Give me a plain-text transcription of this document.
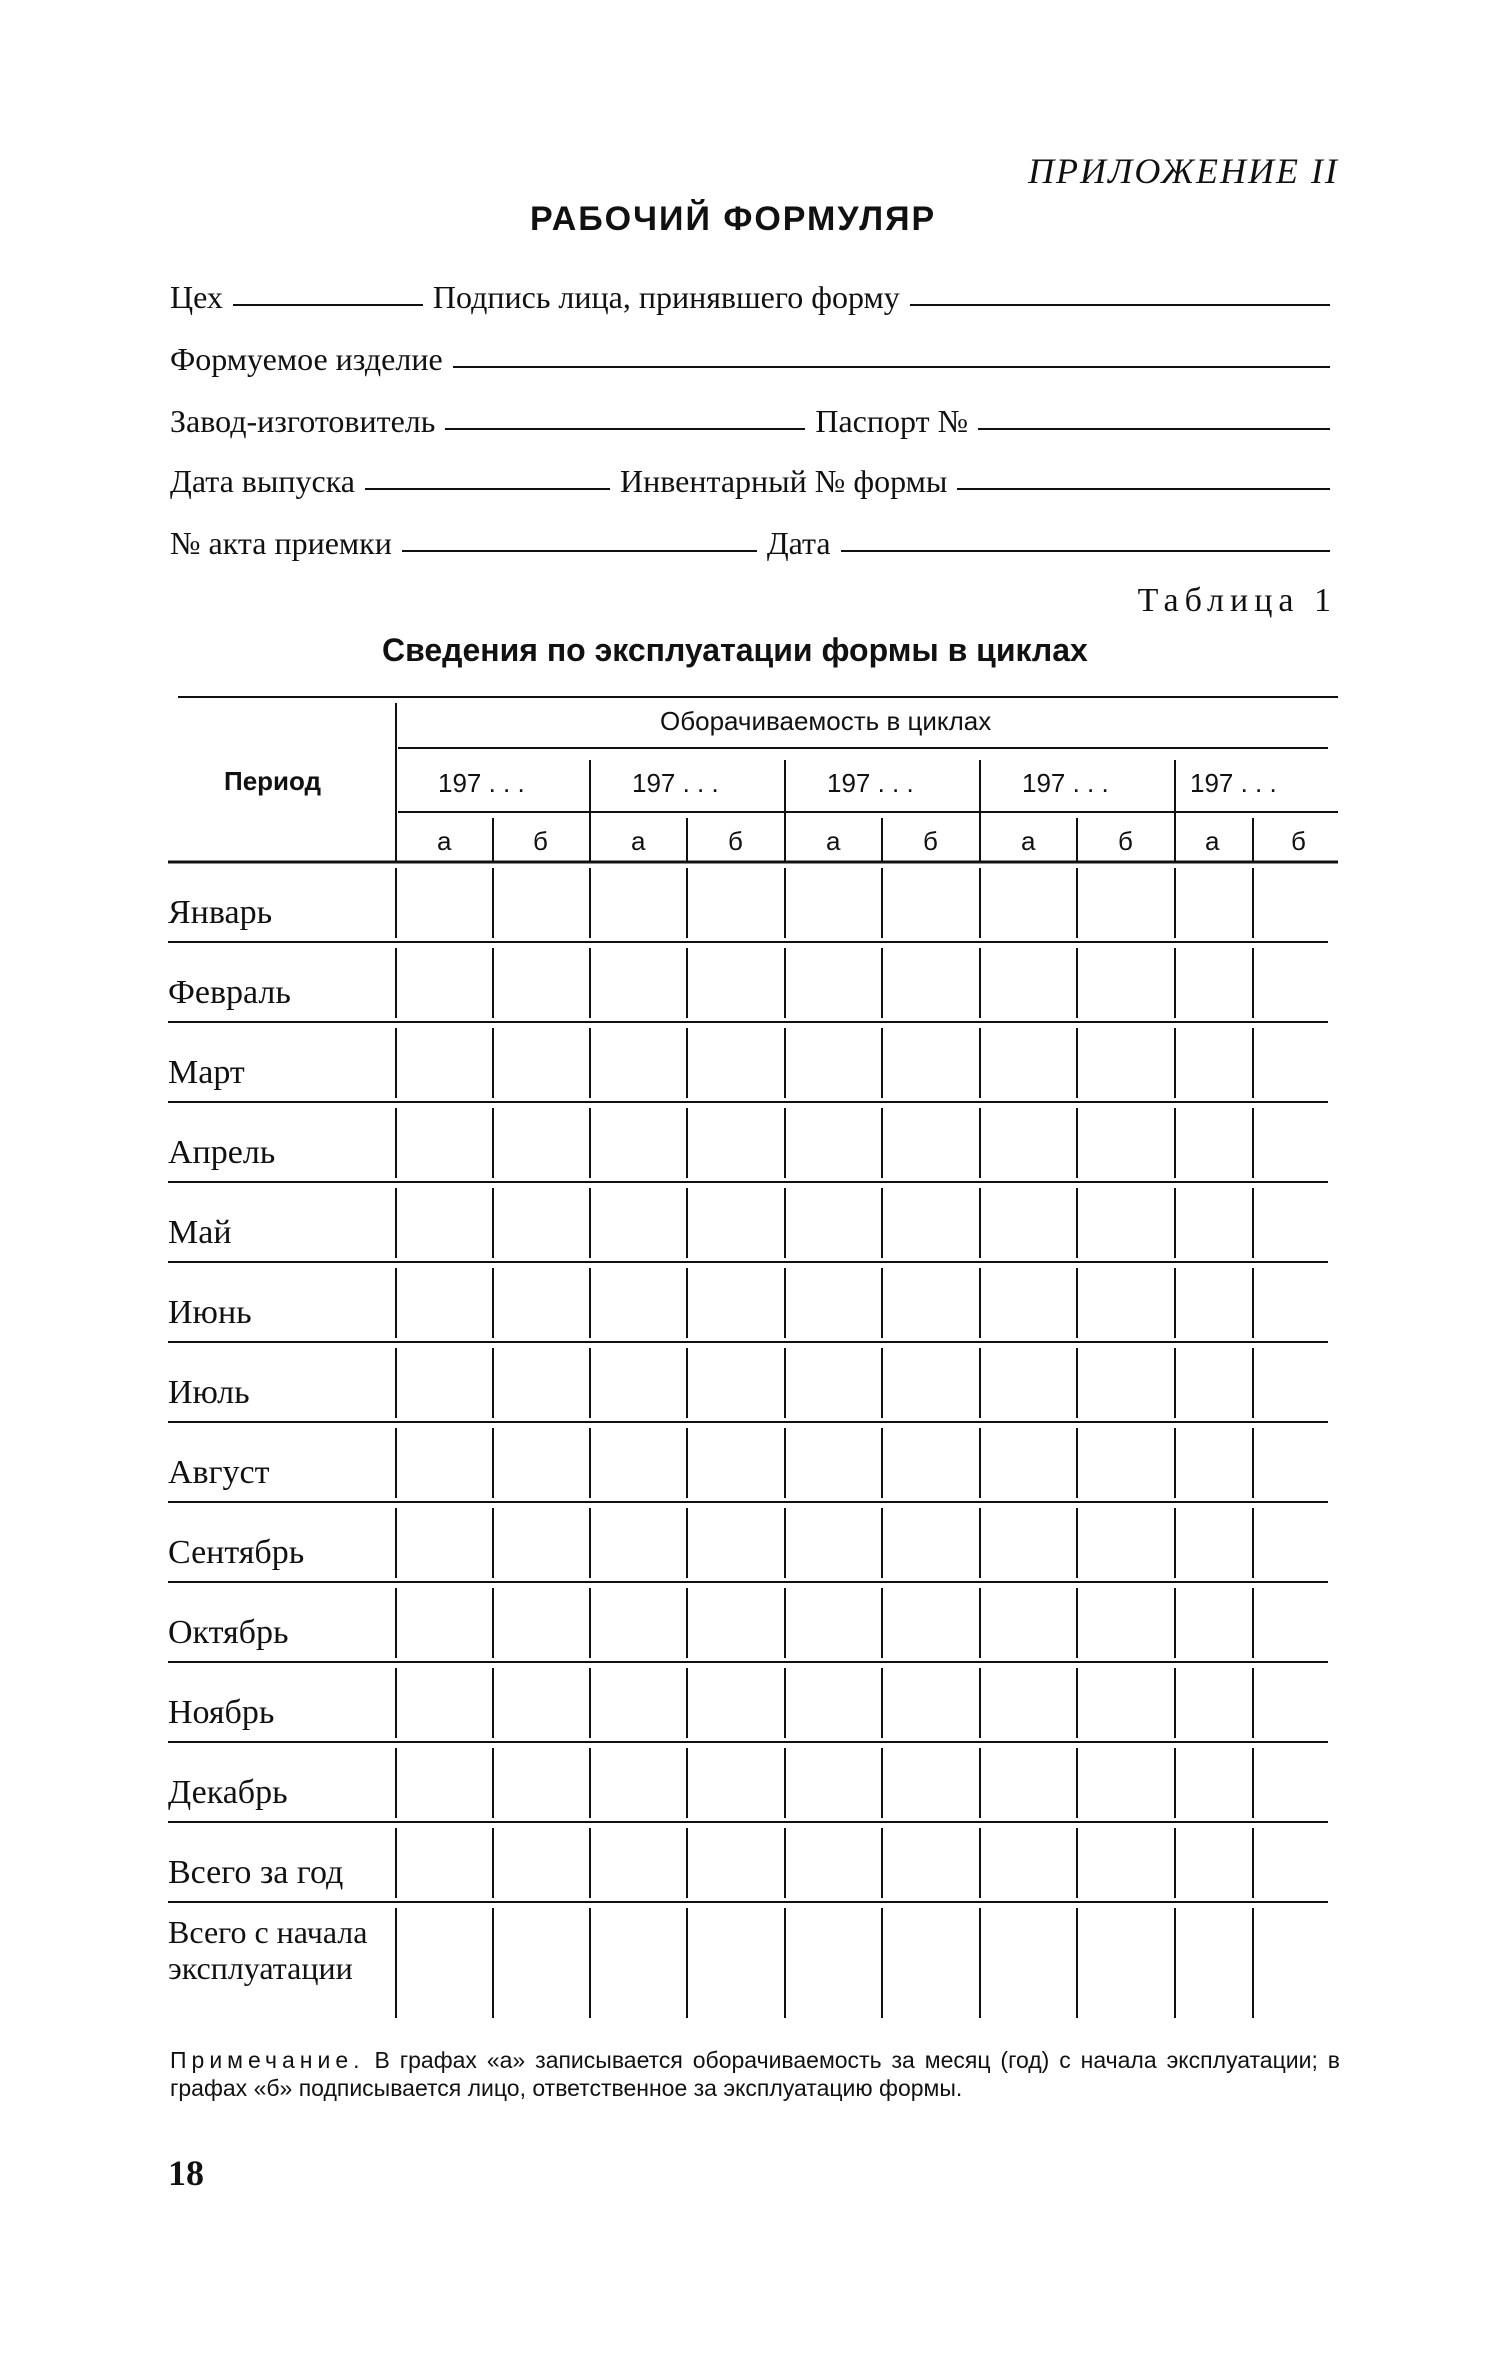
ПРИЛОЖЕНИЕ II
РАБОЧИЙ ФОРМУЛЯР
Цех	Подпись лица, принявшего форму
Формуемое изделие
Завод-изготовитель	Паспорт №
Дата выпуска	Инвентарный № формы
№ акта приемки	Дата
Таблица 1
Сведения по эксплуатации формы в циклах
Период
Оборачиваемость в циклах
197 . . .	197 . . .	197 . . .	197 . . .	197 . . .
а	б	а	б	а	б	а	б	а	б
Январь
Февраль
Март
Апрель
Май
Июнь
Июль
Август
Сентябрь
Октябрь
Ноябрь
Декабрь
Всего за год
Всего с начала эксплуатации
Примечание. В графах «а» записывается оборачиваемость за месяц (год) с начала эксплуатации; в графах «б» подписывается лицо, ответственное за эксплуатацию формы.
18
